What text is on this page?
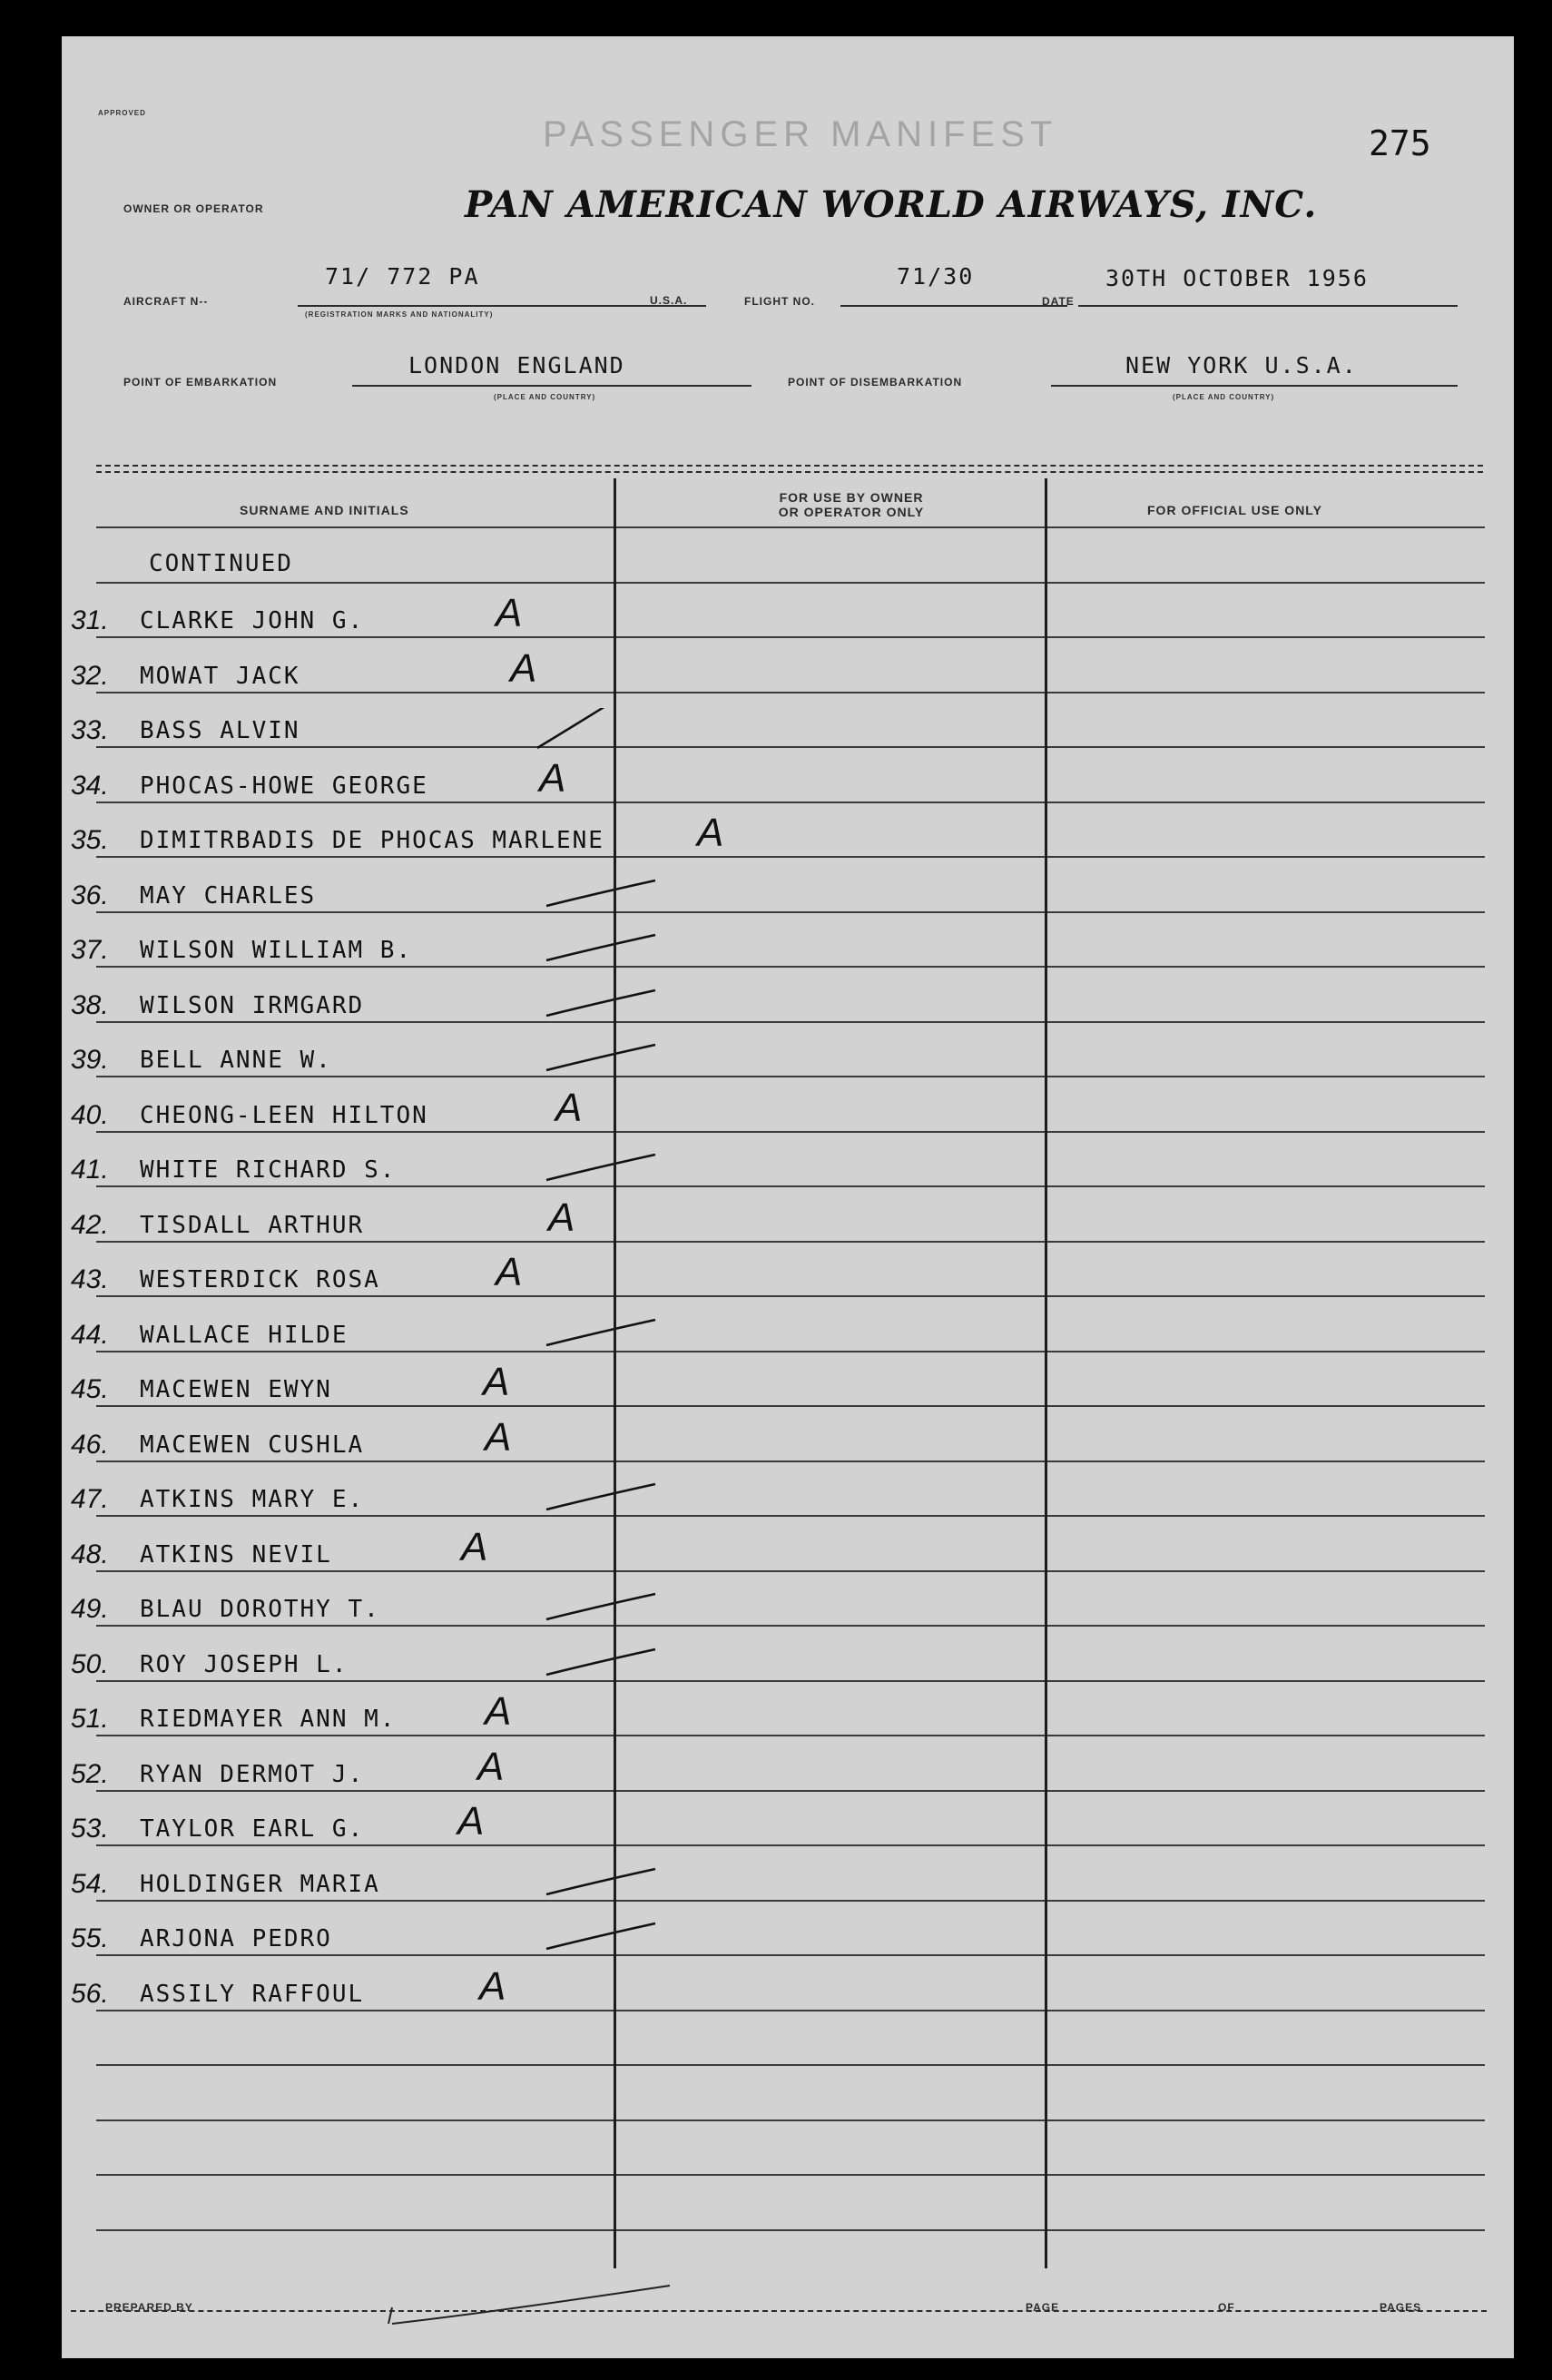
APPROVED
PASSENGER MANIFEST	275
OWNER OR OPERATOR	PAN AMERICAN WORLD AIRWAYS, INC.
AIRCRAFT N--
71/ 772 PA
(REGISTRATION MARKS AND NATIONALITY)
U.S.A.	FLIGHT NO.
71/30
DATE
30TH OCTOBER 1956
POINT OF EMBARKATION
LONDON ENGLAND
(PLACE AND COUNTRY)
POINT OF DISEMBARKATION
NEW YORK U.S.A.
(PLACE AND COUNTRY)
SURNAME AND INITIALS
FOR USE BY OWNER
OR OPERATOR ONLY	FOR OFFICIAL USE ONLY
CONTINUED
PREPARED BY	PAGE	OF	PAGES
31. CLARKE JOHN G.	A
32. MOWAT JACK	A
33. BASS ALVIN
34. PHOCAS-HOWE GEORGE	A
35. DIMITRBADIS DE PHOCAS MARLENE A
36. MAY CHARLES
37. WILSON WILLIAM B.
38. WILSON IRMGARD
39. BELL ANNE W.
40. CHEONG-LEEN HILTON	A
41. WHITE RICHARD S.
42. TISDALL ARTHUR	A
43. WESTERDICK ROSA	A
44. WALLACE HILDE
45. MACEWEN EWYN	A
46. MACEWEN CUSHLA	A
47. ATKINS MARY E.
48. ATKINS NEVIL	A
49. BLAU DOROTHY T.
50. ROY JOSEPH L.
51. RIEDMAYER ANN M. A
52. RYAN DERMOT J.	A
53. TAYLOR EARL G. A
54. HOLDINGER MARIA
55. ARJONA PEDRO
56. ASSILY RAFFOUL	A
